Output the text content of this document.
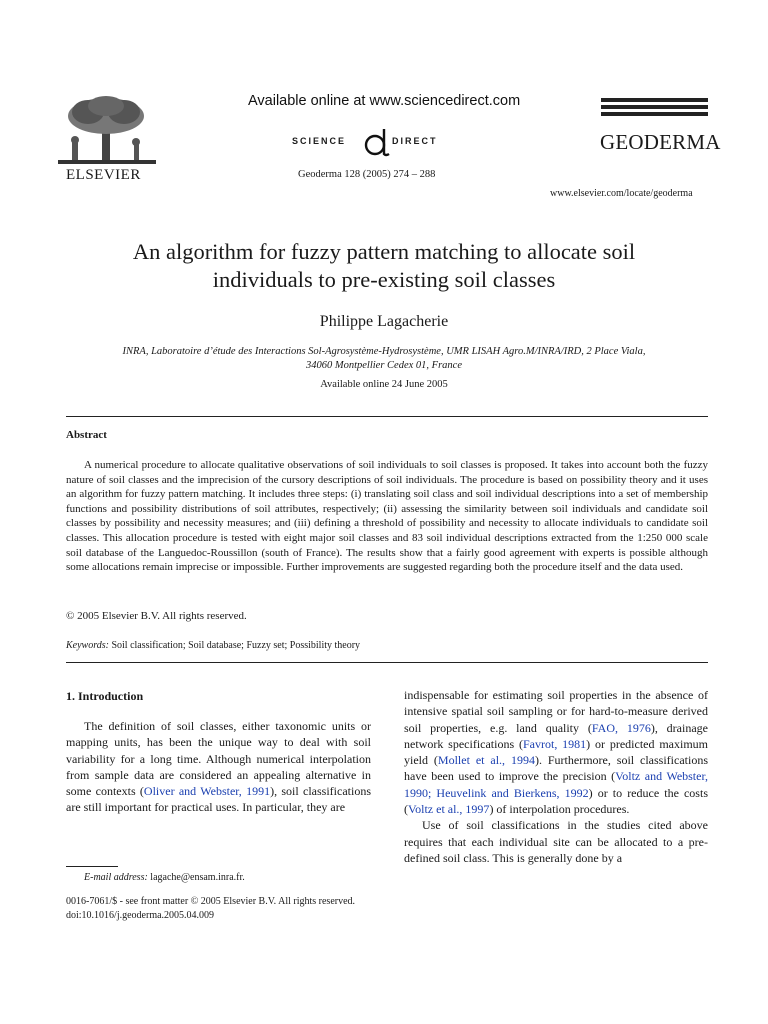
ELSEVIER
Available online at www.sciencedirect.com
SCIENCE	DIRECT
Geoderma 128 (2005) 274 – 288
GEODERMA
www.elsevier.com/locate/geoderma
An algorithm for fuzzy pattern matching to allocate soil
individuals to pre-existing soil classes
Philippe Lagacherie
INRA, Laboratoire d’étude des Interactions Sol-Agrosystème-Hydrosystème, UMR LISAH Agro.M/INRA/IRD, 2 Place Viala,
34060 Montpellier Cedex 01, France
Available online 24 June 2005
Abstract

A numerical procedure to allocate qualitative observations of soil individuals to soil classes is proposed. It takes into account both the fuzzy nature of soil classes and the imprecision of the cursory descriptions of soil individuals. The procedure is based on possibility theory and it uses an algorithm for fuzzy pattern matching. It includes three steps: (i) translating soil class and soil individual descriptions into a set of membership functions and possibility distributions of soil attributes, respectively; (ii) assessing the similarity between soil individuals and candidate soil classes by possibility and necessity measures; and (iii) defining a threshold of possibility and necessity to allocate individuals to candidate soil classes. This allocation procedure is tested with eight major soil classes and 83 soil individual descriptions extracted from the 1:250 000 scale soil database of the Languedoc-Roussillon (south of France). The results show that a fairly good agreement with experts is possible although some allocations remain imprecise or impossible. Further improvements are suggested regarding both the procedure itself and the data used.

© 2005 Elsevier B.V. All rights reserved.
Keywords: Soil classification; Soil database; Fuzzy set; Possibility theory
1. Introduction

The definition of soil classes, either taxonomic units or mapping units, has been the unique way to deal with soil variability for a long time. Although numerical interpolation from sample data are considered an appealing alternative in some contexts (Oliver and Webster, 1991), soil classifications are still important for practical uses. In particular, they are

indispensable for estimating soil properties in the absence of intensive spatial soil sampling or for hard-to-measure derived soil properties, e.g. land quality (FAO, 1976), drainage network specifications (Favrot, 1981) or predicted maximum yield (Mollet et al., 1994). Furthermore, soil classifications have been used to improve the precision (Voltz and Webster, 1990; Heuvelink and Bierkens, 1992) or to reduce the costs (Voltz et al., 1997) of interpolation procedures.

Use of soil classifications in the studies cited above requires that each individual site can be allocated to a pre-defined soil class. This is generally done by a

E-mail address: lagache@ensam.inra.fr.
0016-7061/$ - see front matter © 2005 Elsevier B.V. All rights reserved.
doi:10.1016/j.geoderma.2005.04.009
